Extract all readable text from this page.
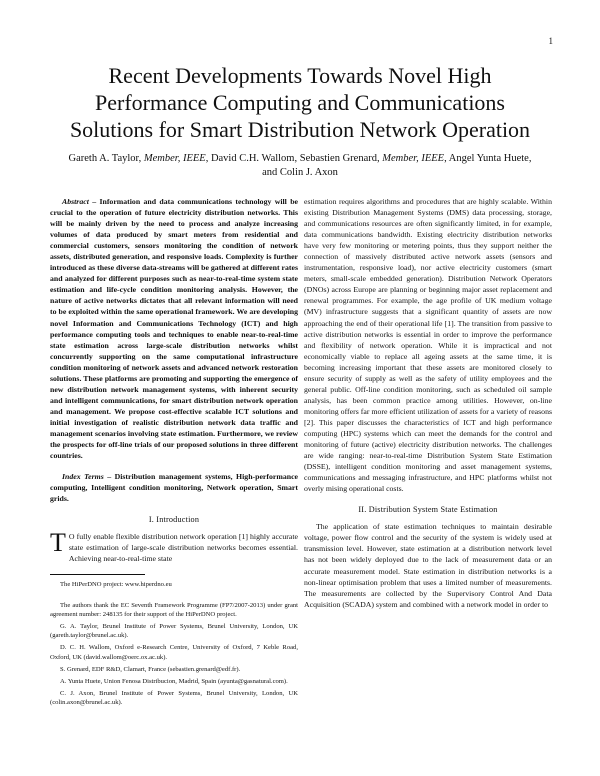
1
Recent Developments Towards Novel High
Performance Computing and Communications
Solutions for Smart Distribution Network Operation
Gareth A. Taylor, Member, IEEE, David C.H. Wallom, Sebastien Grenard, Member, IEEE, Angel Yunta Huete,
and Colin J. Axon

Abstract – Information and data communications technology will be crucial to the operation of future electricity distribution networks. This will be mainly driven by the need to process and analyze increasing volumes of data produced by smart meters from residential and commercial customers, sensors monitoring the condition of network assets, distributed generation, and responsive loads. Complexity is further introduced as these diverse data-streams will be gathered at different rates and analyzed for different purposes such as near-to-real-time system state estimation and life-cycle condition monitoring analysis. However, the nature of active networks dictates that all relevant information will need to be exploited within the same operational framework. We are developing novel Information and Communications Technology (ICT) and high performance computing tools and techniques to enable near-to-real-time state estimation across large-scale distribution networks whilst concurrently supporting on the same computational infrastructure condition monitoring of network assets and advanced network restoration solutions. These platforms are promoting and supporting the emergence of new distribution network management systems, with inherent security and intelligent communications, for smart distribution network operation and management. We propose cost-effective scalable ICT solutions and initial investigation of realistic distribution network data traffic and management scenarios involving state estimation. Furthermore, we review the prospects for off-line trials of our proposed solutions in three different countries.

Index Terms – Distribution management systems, High-performance computing, Intelligent condition monitoring, Network operation, Smart grids.

I. Introduction

T O fully enable flexible distribution network operation [1] highly accurate state estimation of large-scale distribution networks becomes essential. Achieving near-to-real-time state

The HiPerDNO project: www.hiperdno.eu

The authors thank the EC Seventh Framework Programme (FP7/2007-2013) under grant agreement number: 248135 for their support of the HiPerDNO project.

G. A. Taylor, Brunel Institute of Power Systems, Brunel University, London, UK (gareth.taylor@brunel.ac.uk).

D. C. H. Wallom, Oxford e-Research Centre, University of Oxford, 7 Keble Road, Oxford, UK (david.wallom@oerc.ox.ac.uk).

S. Grenard, EDF R&D, Clamart, France (sebastien.grenard@edf.fr).

A. Yunta Huete, Union Fenosa Distribucion, Madrid, Spain (ayunta@gasnatural.com).

C. J. Axon, Brunel Institute of Power Systems, Brunel University, London, UK (colin.axon@brunel.ac.uk).

estimation requires algorithms and procedures that are highly scalable. Within existing Distribution Management Systems (DMS) data processing, storage, and communications resources are often significantly limited, in for example, data communications bandwidth. Existing electricity distribution networks have very few monitoring or metering points, thus they support neither the connection of massively distributed active network assets (sensors and instrumentation, responsive load), nor active electricity customers (smart meters, small-scale embedded generation). Distribution Network Operators (DNOs) across Europe are planning or beginning major asset replacement and renewal programmes. For example, the age profile of UK medium voltage (MV) infrastructure suggests that a significant quantity of assets are now approaching the end of their operational life [1]. The transition from passive to active distribution networks is essential in order to improve the performance and flexibility of network operation. While it is impractical and not economically viable to replace all ageing assets at the same time, it is becoming increasing important that these assets are monitored closely to ensure security of supply as well as the safety of utility employees and the general public. Off-line condition monitoring, such as scheduled oil sample analysis, has been common practice among utilities. However, on-line monitoring offers far more efficient utilization of assets for a variety of reasons [2]. This paper discusses the characteristics of ICT and high performance computing (HPC) systems which can meet the demands for the control and monitoring of future (active) electricity distribution networks. The challenges are wide ranging: near-to-real-time Distribution System State Estimation (DSSE), intelligent condition monitoring and asset management systems, communications and messaging infrastructure, and HPC platforms whilst not overly mising operational costs.

II. Distribution System State Estimation

The application of state estimation techniques to maintain desirable voltage, power flow control and the security of the system is widely used at transmission level. However, state estimation at a distribution network level has not been widely deployed due to the lack of measurement data or an accurate measurement model. State estimation in distribution networks is a non-linear optimisation problem that uses a limited number of measurements. The measurements are collected by the Supervisory Control And Data Acquisition (SCADA) system and combined with a network model in order to
